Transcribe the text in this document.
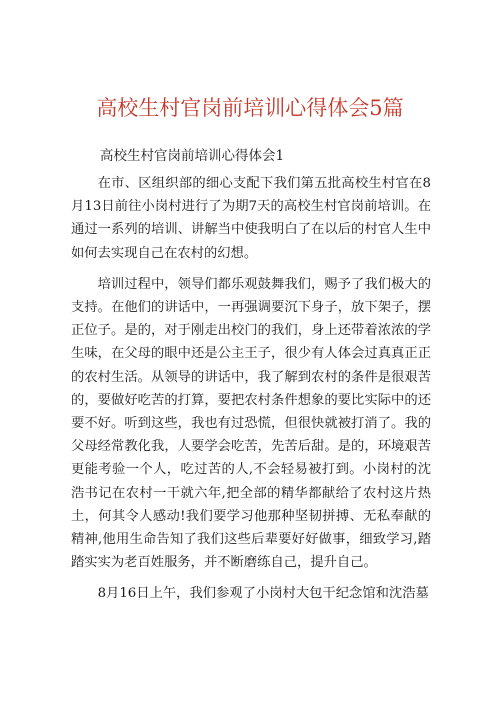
高校生村官岗前培训心得体会5篇
高校生村官岗前培训心得体会1

在市、区组织部的细心支配下我们第五批高校生村官在8月13日前往小岗村进行了为期7天的高校生村官岗前培训。在通过一系列的培训、讲解当中使我明白了在以后的村官人生中如何去实现自己在农村的幻想。

培训过程中，领导们都乐观鼓舞我们，赐予了我们极大的支持。在他们的讲话中，一再强调要沉下身子，放下架子，摆正位子。是的，对于刚走出校门的我们，身上还带着浓浓的学生味，在父母的眼中还是公主王子，很少有人体会过真真正正的农村生活。从领导的讲话中，我了解到农村的条件是很艰苦的，要做好吃苦的打算，要把农村条件想象的要比实际中的还要不好。听到这些，我也有过恐慌，但很快就被打消了。我的父母经常教化我，人要学会吃苦，先苦后甜。是的，环境艰苦更能考验一个人，吃过苦的人,不会轻易被打到。小岗村的沈浩书记在农村一干就六年,把全部的精华都献给了农村这片热土，何其令人感动!我们要学习他那种坚韧拼搏、无私奉献的精神,他用生命告知了我们这些后辈要好好做事，细致学习,踏踏实实为老百姓服务，并不断磨练自己，提升自己。

8月16日上午，我们参观了小岗村大包干纪念馆和沈浩墓
